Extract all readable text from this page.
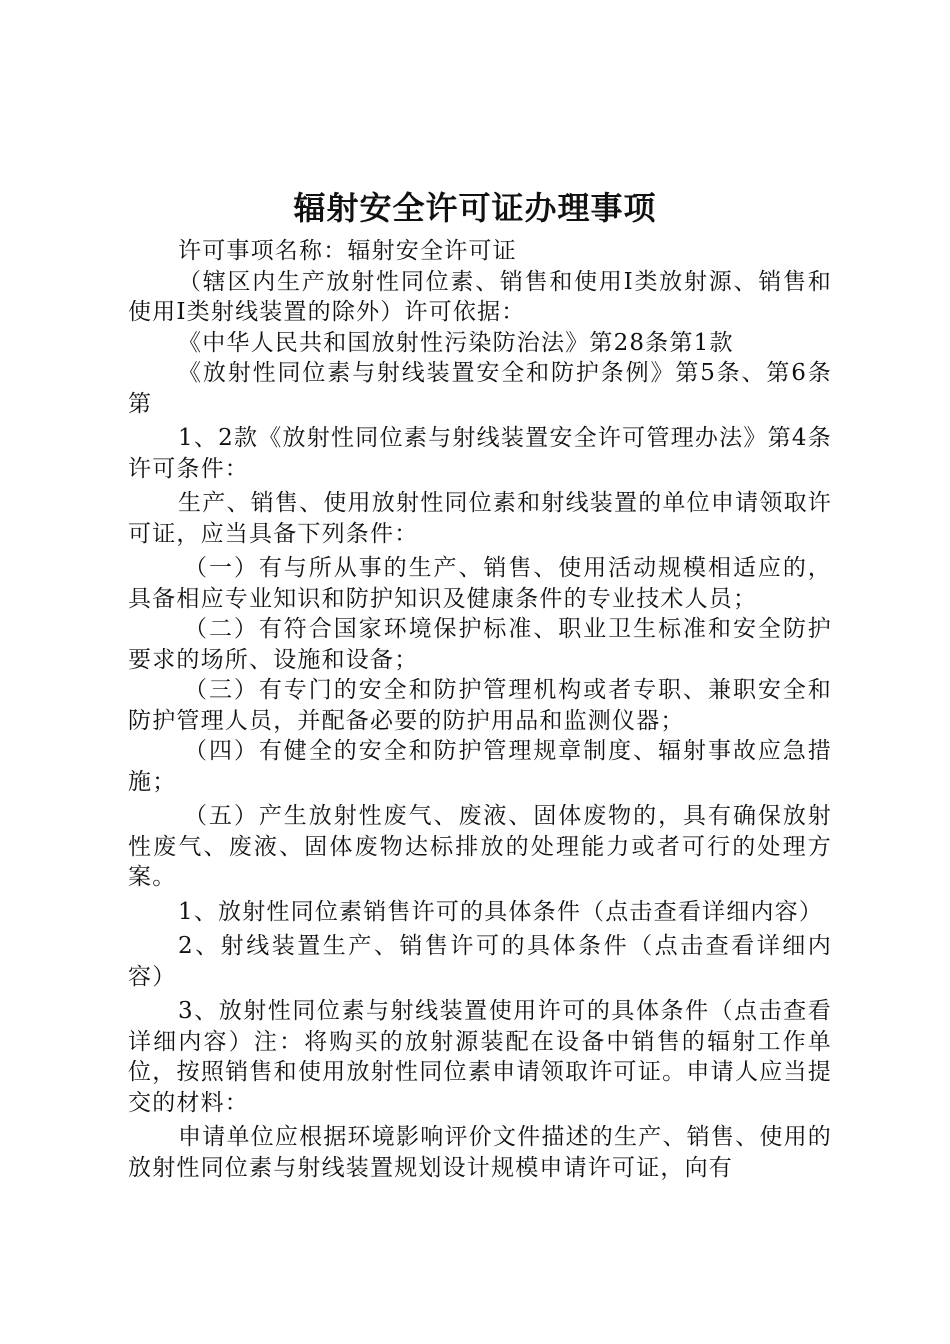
辐射安全许可证办理事项

许可事项名称：辐射安全许可证

（辖区内生产放射性同位素、销售和使用Ⅰ类放射源、销售和使用Ⅰ类射线装置的除外）许可依据：

《中华人民共和国放射性污染防治法》第28条第1款

《放射性同位素与射线装置安全和防护条例》第5条、第6条第

1、2款《放射性同位素与射线装置安全许可管理办法》第4条许可条件：

生产、销售、使用放射性同位素和射线装置的单位申请领取许可证，应当具备下列条件：

（一）有与所从事的生产、销售、使用活动规模相适应的，具备相应专业知识和防护知识及健康条件的专业技术人员；

（二）有符合国家环境保护标准、职业卫生标准和安全防护要求的场所、设施和设备；

（三）有专门的安全和防护管理机构或者专职、兼职安全和防护管理人员，并配备必要的防护用品和监测仪器；

（四）有健全的安全和防护管理规章制度、辐射事故应急措施；

（五）产生放射性废气、废液、固体废物的，具有确保放射性废气、废液、固体废物达标排放的处理能力或者可行的处理方案。

1、放射性同位素销售许可的具体条件（点击查看详细内容）

2、射线装置生产、销售许可的具体条件（点击查看详细内容）

3、放射性同位素与射线装置使用许可的具体条件（点击查看详细内容）注：将购买的放射源装配在设备中销售的辐射工作单位，按照销售和使用放射性同位素申请领取许可证。申请人应当提交的材料：

申请单位应根据环境影响评价文件描述的生产、销售、使用的放射性同位素与射线装置规划设计规模申请许可证，向有
